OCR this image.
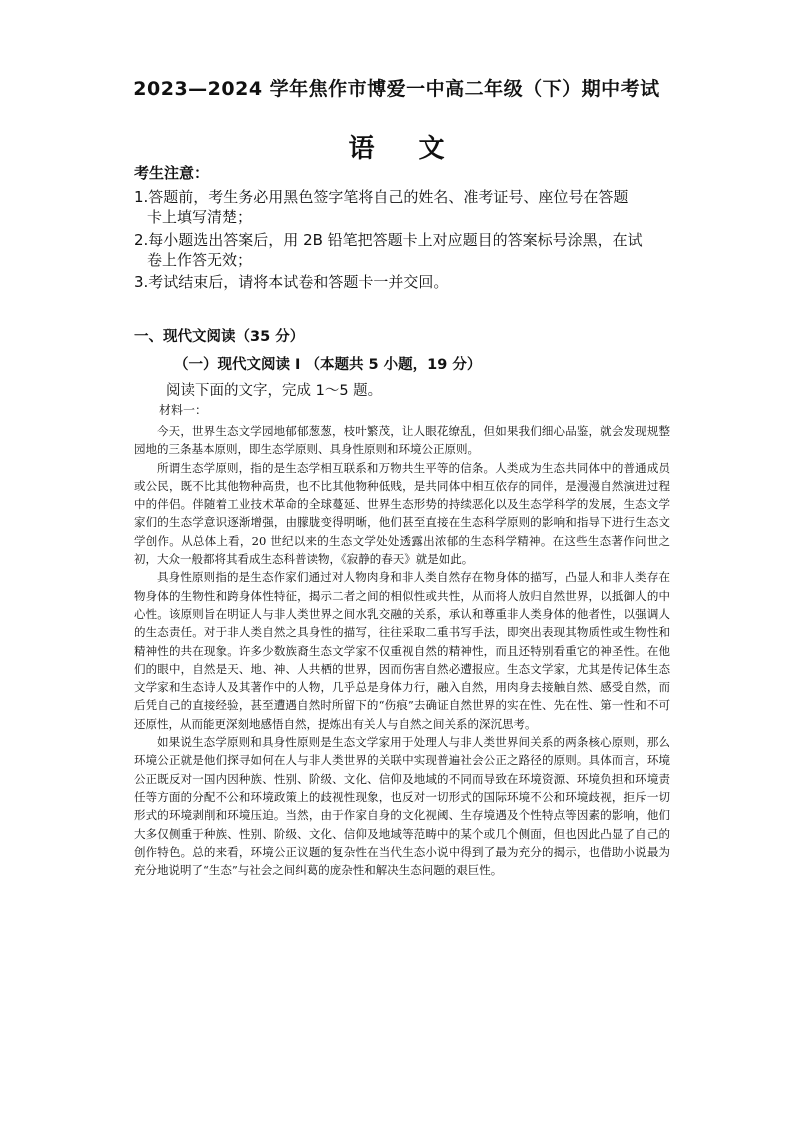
2023—2024 学年焦作市博爱一中高二年级（下）期中考试
语 文
考生注意：
1.答题前，考生务必用黑色签字笔将自己的姓名、准考证号、座位号在答题
卡上填写清楚；
2.每小题选出答案后，用 2B 铅笔把答题卡上对应题目的答案标号涂黑，在试
卷上作答无效；
3.考试结束后，请将本试卷和答题卡一并交回。
一、现代文阅读（35 分）
（一）现代文阅读 I （本题共 5 小题，19 分）
阅读下面的文字，完成 1～5 题。
材料一：

今天，世界生态文学园地郁郁葱葱，枝叶繁茂，让人眼花缭乱，但如果我们细心品鉴，就会发现规整园地的三条基本原则，即生态学原则、具身性原则和环境公正原则。

所谓生态学原则，指的是生态学相互联系和万物共生平等的信条。人类成为生态共同体中的普通成员或公民，既不比其他物种高贵，也不比其他物种低贱，是共同体中相互依存的同伴，是漫漫自然演进过程中的伴侣。伴随着工业技术革命的全球蔓延、世界生态形势的持续恶化以及生态学科学的发展，生态文学家们的生态学意识逐渐增强，由朦胧变得明晰，他们甚至直接在生态科学原则的影响和指导下进行生态文学创作。从总体上看，20 世纪以来的生态文学处处透露出浓郁的生态科学精神。在这些生态著作问世之初，大众一般都将其看成生态科普读物，《寂静的春天》就是如此。

具身性原则指的是生态作家们通过对人物肉身和非人类自然存在物身体的描写，凸显人和非人类存在物身体的生物性和跨身体性特征，揭示二者之间的相似性或共性，从而将人放归自然世界，以抵御人的中心性。该原则旨在明证人与非人类世界之间水乳交融的关系，承认和尊重非人类身体的他者性，以强调人的生态责任。对于非人类自然之具身性的描写，往往采取二重书写手法，即突出表现其物质性或生物性和精神性的共在现象。许多少数族裔生态文学家不仅重视自然的精神性，而且还特别看重它的神圣性。在他们的眼中，自然是天、地、神、人共栖的世界，因而伤害自然必遭报应。生态文学家，尤其是传记体生态文学家和生态诗人及其著作中的人物，几乎总是身体力行，融入自然，用肉身去接触自然、感受自然，而后凭自己的直接经验，甚至遭遇自然时所留下的“伤痕”去确证自然世界的实在性、先在性、第一性和不可还原性，从而能更深刻地感悟自然，提炼出有关人与自然之间关系的深沉思考。

如果说生态学原则和具身性原则是生态文学家用于处理人与非人类世界间关系的两条核心原则，那么环境公正就是他们探寻如何在人与非人类世界的关联中实现普遍社会公正之路径的原则。具体而言，环境公正既反对一国内因种族、性别、阶级、文化、信仰及地域的不同而导致在环境资源、环境负担和环境责任等方面的分配不公和环境政策上的歧视性现象，也反对一切形式的国际环境不公和环境歧视，拒斥一切形式的环境剥削和环境压迫。当然，由于作家自身的文化视阈、生存境遇及个性特点等因素的影响，他们大多仅侧重于种族、性别、阶级、文化、信仰及地域等范畴中的某个或几个侧面，但也因此凸显了自己的创作特色。总的来看，环境公正议题的复杂性在当代生态小说中得到了最为充分的揭示，也借助小说最为充分地说明了“生态”与社会之间纠葛的庞杂性和解决生态问题的艰巨性。
